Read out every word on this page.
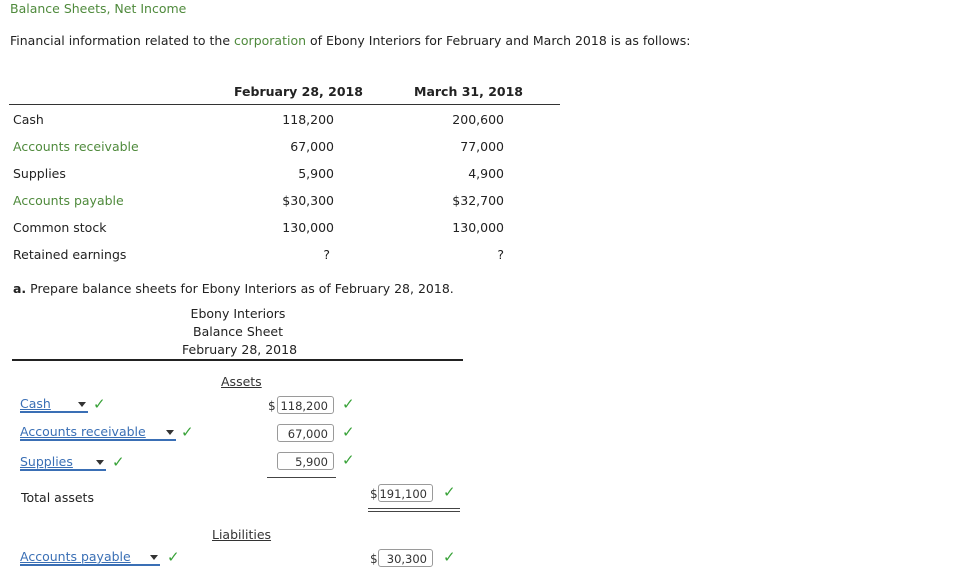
Balance Sheets, Net Income
Financial information related to the corporation of Ebony Interiors for February and March 2018 is as follows:
February 28, 2018	March 31, 2018
Cash	118,200	200,600
Accounts receivable	67,000	77,000
Supplies	5,900	4,900
Accounts payable	$30,300	$32,700
Common stock	130,000	130,000
Retained earnings	?	?
a. Prepare balance sheets for Ebony Interiors as of February 28, 2018.
Ebony Interiors
Balance Sheet
February 28, 2018
Assets
Cash	✓	$ 118,200 ✓
Accounts receivable	✓	67,000 ✓
Supplies	✓	5,900 ✓
Total assets	$ 191,100	✓
Liabilities
Accounts payable	✓	$ 30,300	✓
